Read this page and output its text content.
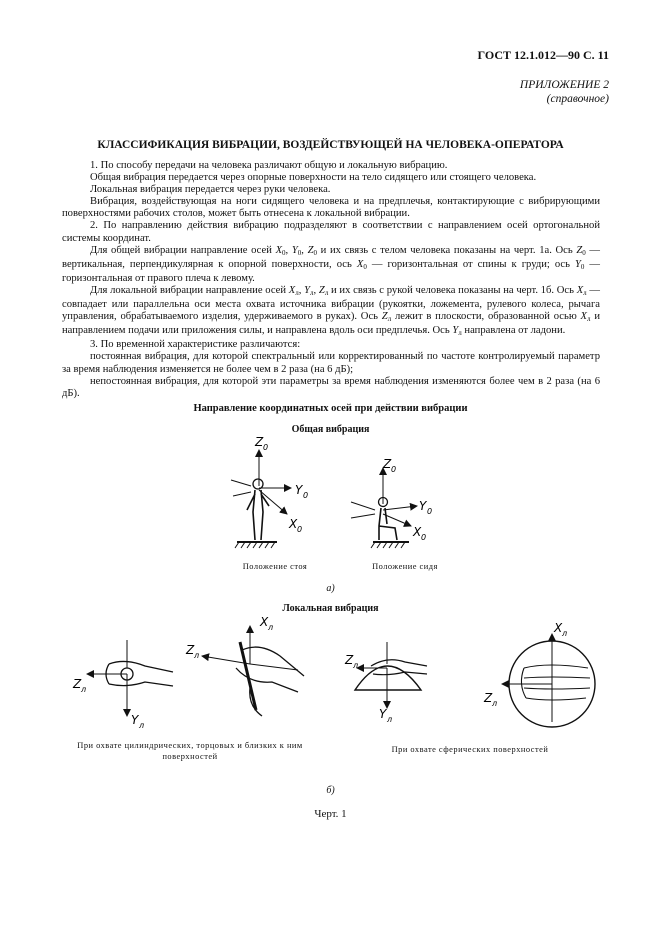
ГОСТ 12.1.012—90 С. 11
ПРИЛОЖЕНИЕ 2
(справочное)
КЛАССИФИКАЦИЯ ВИБРАЦИИ, ВОЗДЕЙСТВУЮЩЕЙ НА ЧЕЛОВЕКА-ОПЕРАТОРА

1. По способу передачи на человека различают общую и локальную вибрацию.

Общая вибрация передается через опорные поверхности на тело сидящего или стоящего человека.

Локальная вибрация передается через руки человека.

Вибрация, воздействующая на ноги сидящего человека и на предплечья, контактирующие с вибрирующими поверхностями рабочих столов, может быть отнесена к локальной вибрации.

2. По направлению действия вибрацию подразделяют в соответствии с направлением осей ортогональной системы координат.

Для общей вибрации направление осей $X_0$, $Y_0$, $Z_0$ и их связь с телом человека показаны на черт. 1а. Ось $Z_0$ — вертикальная, перпендикулярная к опорной поверхности, ось $X_0$ — горизонтальная от спины к груди; ось $Y_0$ — горизонтальная от правого плеча к левому.

Для локальной вибрации направление осей $X_л$, $Y_л$, $Z_л$ и их связь с рукой человека показаны на черт. 1б. Ось $X_л$ — совпадает или параллельна оси места охвата источника вибрации (рукоятки, ложемента, рулевого колеса, рычага управления, обрабатываемого изделия, удерживаемого в руках). Ось $Z_л$ лежит в плоскости, образованной осью $X_л$ и направлением подачи или приложения силы, и направлена вдоль оси предплечья. Ось $Y_л$ направлена от ладони.

3. По временной характеристике различаются:

постоянная вибрация, для которой спектральный или корректированный по частоте контролируемый параметр за время наблюдения изменяется не более чем в 2 раза (на 6 дБ);

непостоянная вибрация, для которой эти параметры за время наблюдения изменяются более чем в 2 раза (на 6 дБ).

Направление координатных осей при действии вибрации
Общая вибрация
Z 0
Y 0
X 0
Z 0
Y 0
X 0
Положение стоя	Положение сидя
а)
Локальная вибрация
Z л
Y л
X л
Z л	Z л
Y л
X л
Z л
При охвате цилиндрических, торцовых и близких к ним поверхностей
При охвате сферических поверхностей
б)
Черт. 1
